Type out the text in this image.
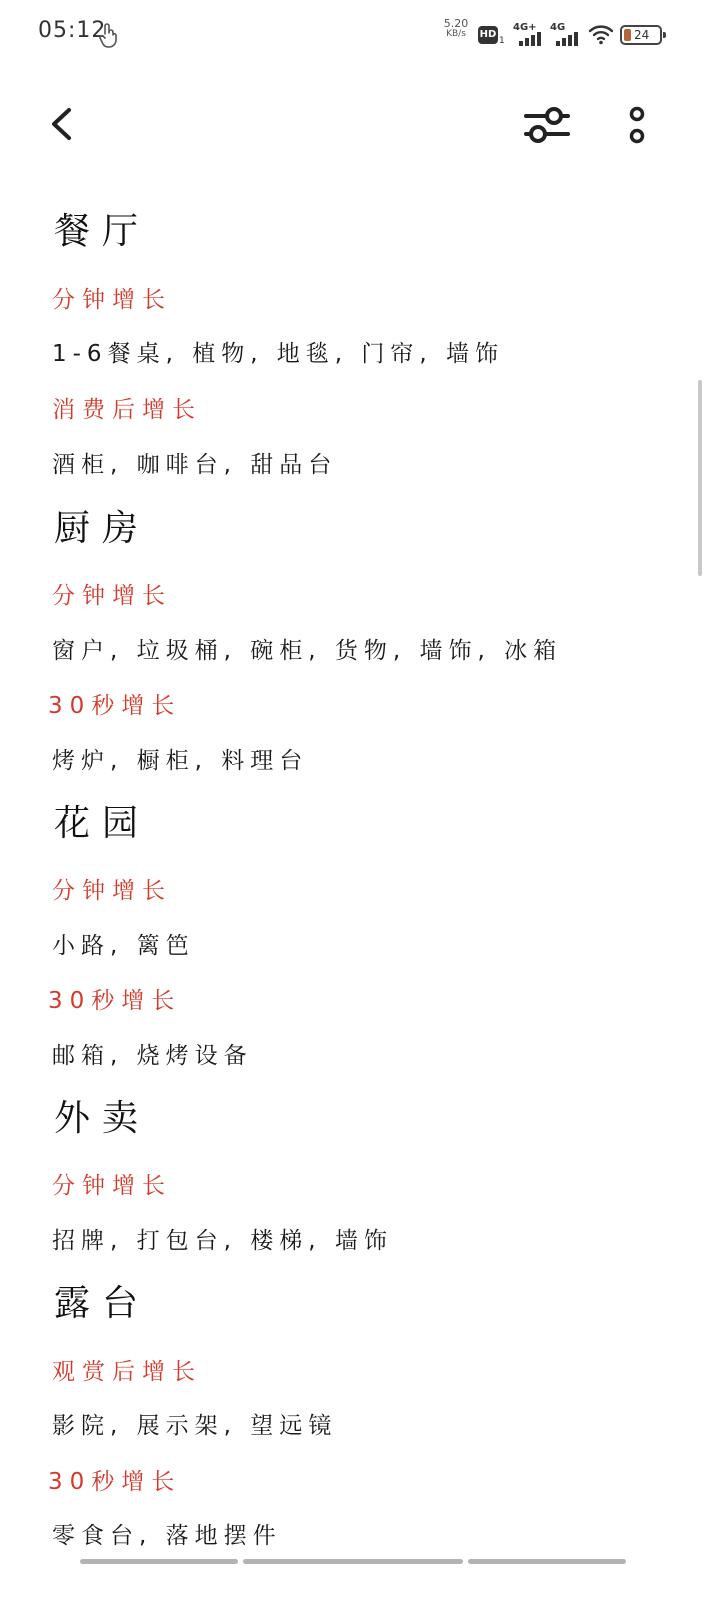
05:12	5.20
KB/s	HD
1
4G+ 4G
24
餐厅
分钟增长
1-6餐桌, 植物, 地毯, 门帘, 墙饰
消费后增长
酒柜, 咖啡台, 甜品台
厨房
分钟增长
窗户, 垃圾桶, 碗柜, 货物, 墙饰, 冰箱
30秒增长
烤炉, 橱柜, 料理台
花园
分钟增长
小路, 篱笆
30秒增长
邮箱, 烧烤设备
外卖
分钟增长
招牌, 打包台, 楼梯, 墙饰
露台
观赏后增长
影院, 展示架, 望远镜
30秒增长
零食台, 落地摆件
